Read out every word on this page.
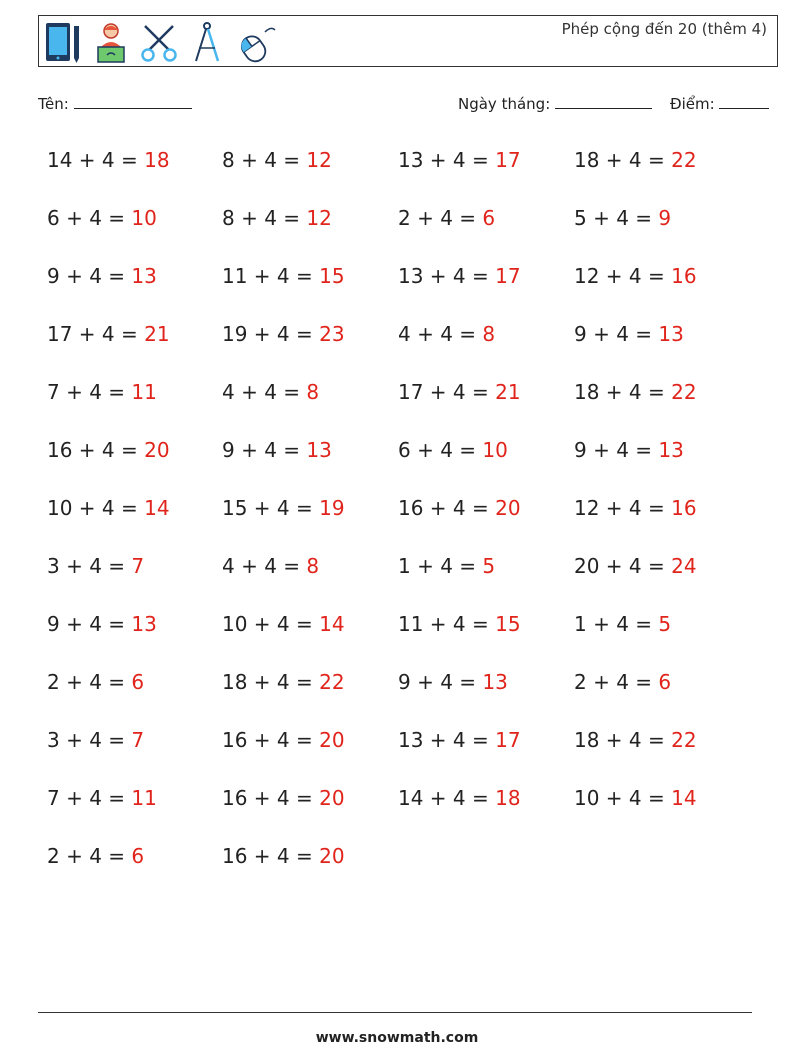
Phép cộng đến 20 (thêm 4)
Tên:	Ngày tháng:	Điểm:
14 + 4 = 18
6 + 4 = 10
9 + 4 = 13
17 + 4 = 21
7 + 4 = 11
16 + 4 = 20
10 + 4 = 14
3 + 4 = 7
9 + 4 = 13
2 + 4 = 6
3 + 4 = 7
7 + 4 = 11
2 + 4 = 6
8 + 4 = 12
8 + 4 = 12
11 + 4 = 15
19 + 4 = 23
4 + 4 = 8
9 + 4 = 13
15 + 4 = 19
4 + 4 = 8
10 + 4 = 14
18 + 4 = 22
16 + 4 = 20
16 + 4 = 20
16 + 4 = 20
13 + 4 = 17
2 + 4 = 6
13 + 4 = 17
4 + 4 = 8
17 + 4 = 21
6 + 4 = 10
16 + 4 = 20
1 + 4 = 5
11 + 4 = 15
9 + 4 = 13
13 + 4 = 17
14 + 4 = 18
18 + 4 = 22
5 + 4 = 9
12 + 4 = 16
9 + 4 = 13
18 + 4 = 22
9 + 4 = 13
12 + 4 = 16
20 + 4 = 24
1 + 4 = 5
2 + 4 = 6
18 + 4 = 22
10 + 4 = 14
www.snowmath.com
